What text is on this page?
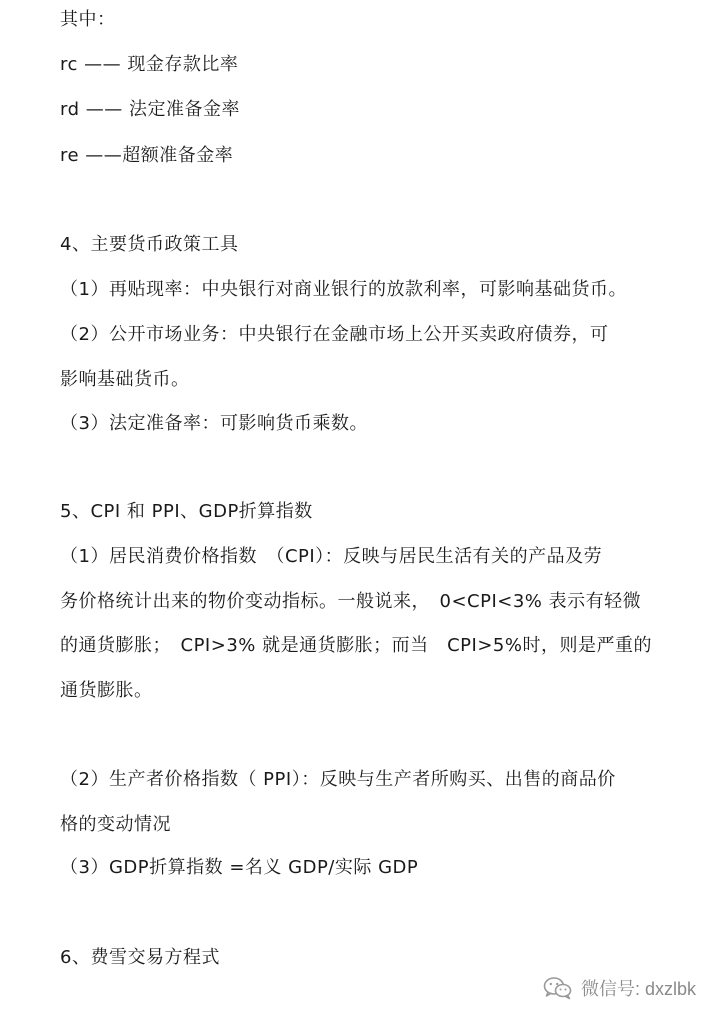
其中：
rc —— 现金存款比率
rd —— 法定准备金率
re ——超额准备金率
4、主要货币政策工具
（1）再贴现率：中央银行对商业银行的放款利率，可影响基础货币。
（2）公开市场业务：中央银行在金融市场上公开买卖政府债券，可
影响基础货币。
（3）法定准备率：可影响货币乘数。
5、CPI 和 PPI、GDP折算指数
（1）居民消费价格指数　（CPI）：反映与居民生活有关的产品及劳
务价格统计出来的物价变动指标。一般说来，　0<CPI<3% 表示有轻微
的通货膨胀；　CPI>3% 就是通货膨胀；而当　CPI>5%时，则是严重的
通货膨胀。
（2）生产者价格指数（ PPI）：反映与生产者所购买、出售的商品价
格的变动情况
（3）GDP折算指数 =名义 GDP/实际 GDP
6、费雪交易方程式
微信号: dxzlbk
